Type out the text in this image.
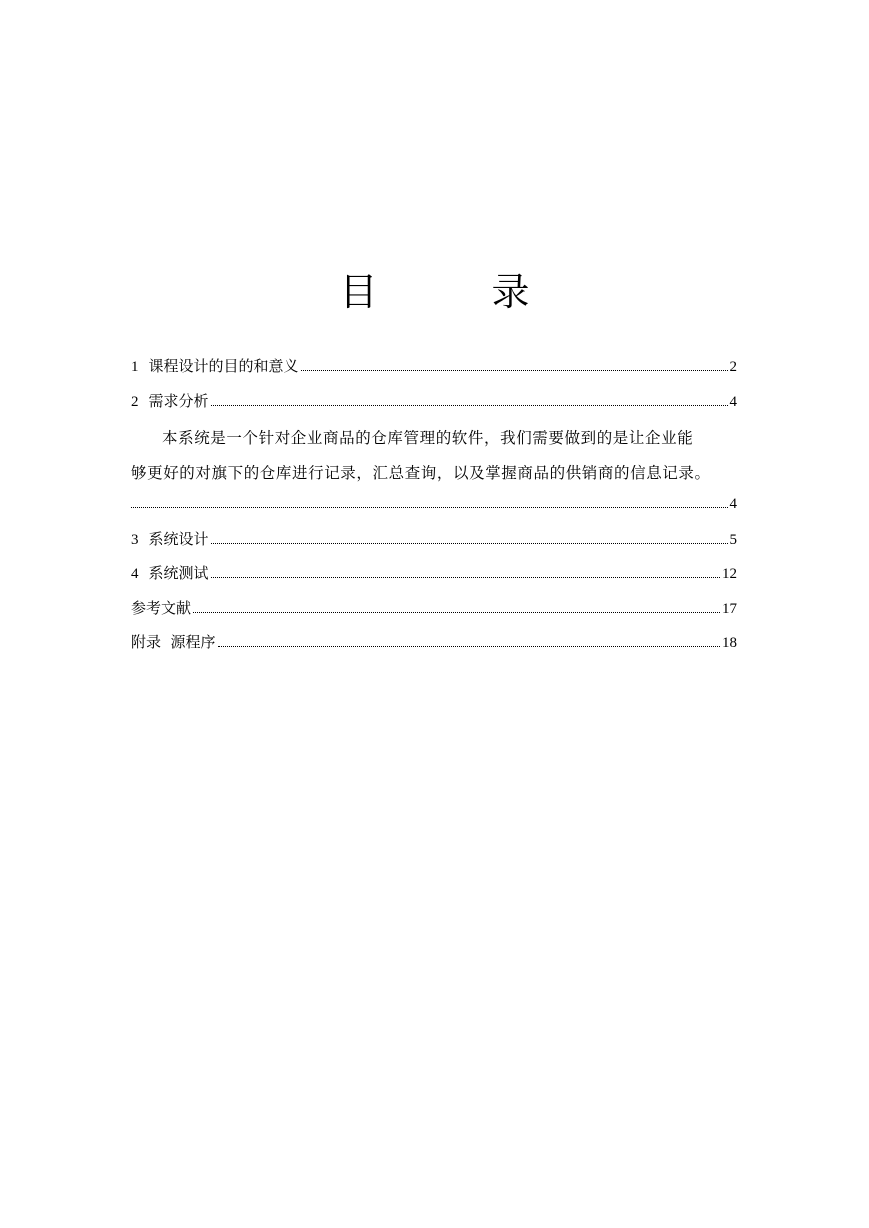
目　录
1 课程设计的目的和意义	2
2 需求分析	4
本系统是一个针对企业商品的仓库管理的软件，我们需要做到的是让企业能
够更好的对旗下的仓库进行记录，汇总查询，以及掌握商品的供销商的信息记录。
4
3 系统设计	5
4 系统测试	12
参考文献	17
附录  源程序	18
